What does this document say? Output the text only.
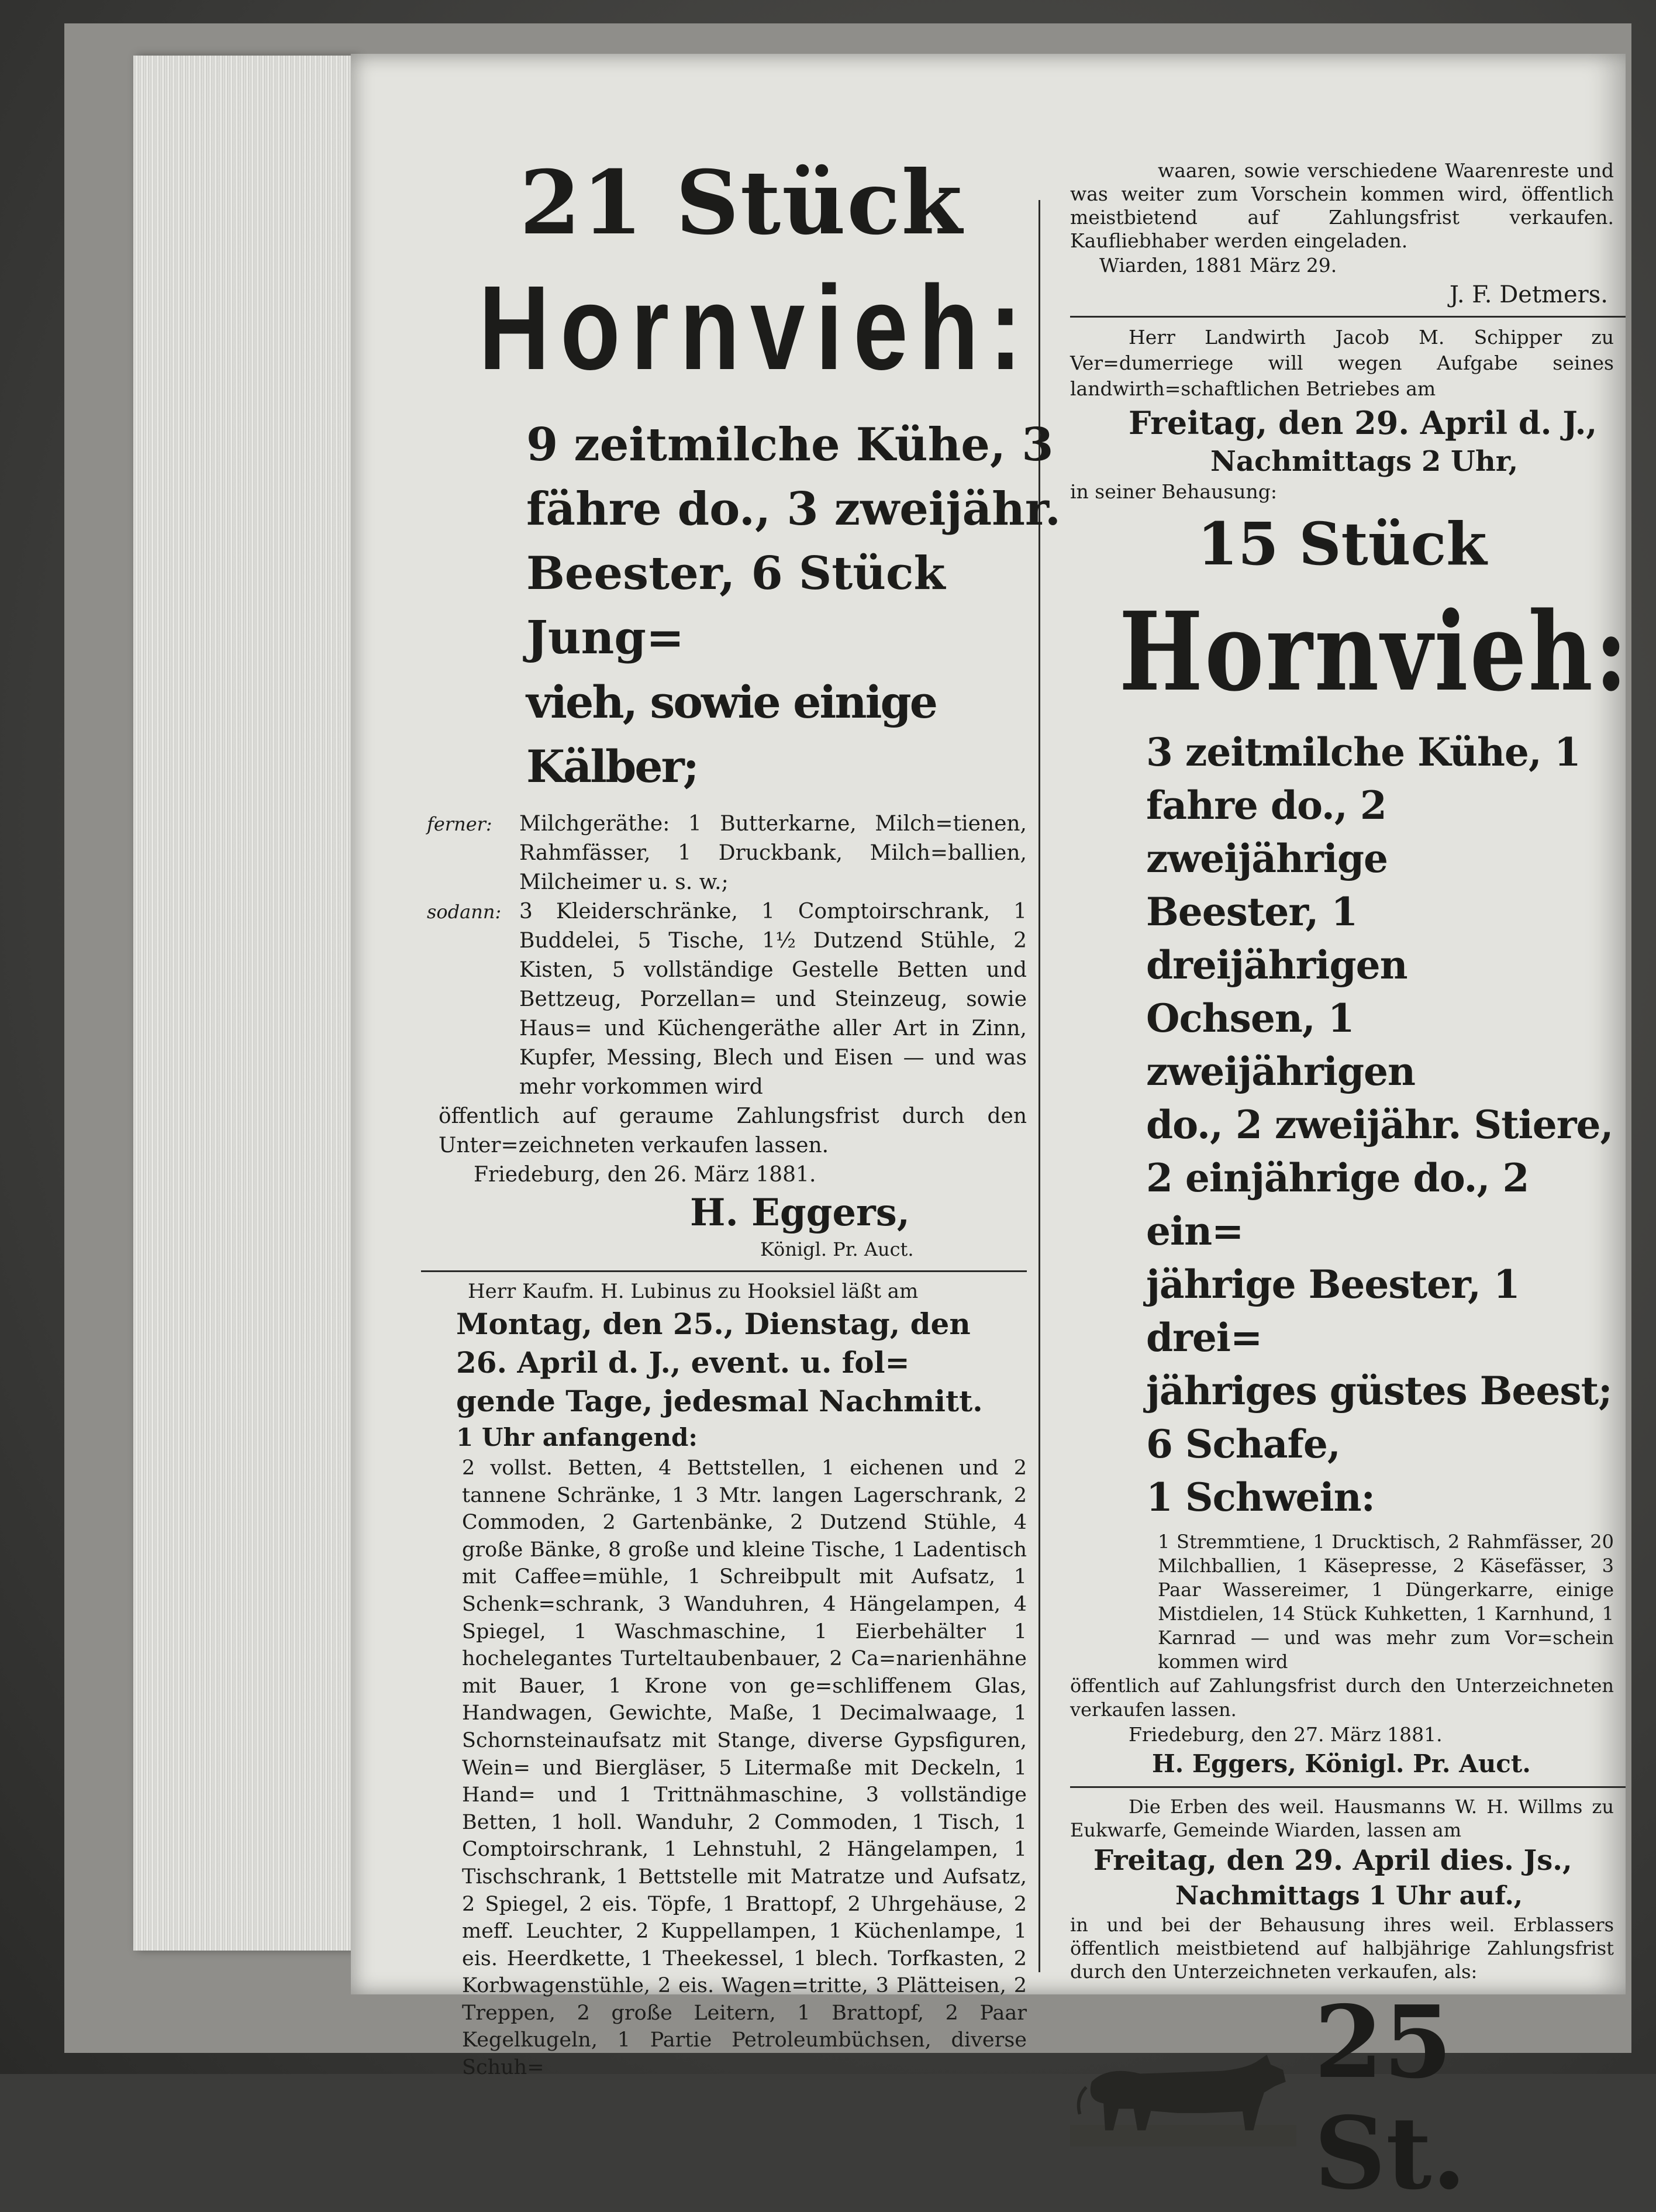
21 Stück
Hornvieh:
9 zeitmilche Kühe, 3
fähre do., 3 zweijähr.
Beester, 6 Stück Jung=
vieh, sowie einige Kälber;
ferner:	Milchgeräthe: 1 Butterkarne, Milch=tienen, Rahmfässer, 1 Druckbank, Milch=ballien, Milcheimer u. s. w.;
sodann: 3 Kleiderschränke, 1 Comptoirschrank, 1 Buddelei, 5 Tische, 1½ Dutzend Stühle, 2 Kisten, 5 vollständige Gestelle Betten und Bettzeug, Porzellan= und Steinzeug, sowie Haus= und Küchengeräthe aller Art in Zinn, Kupfer, Messing, Blech und Eisen — und was mehr vorkommen wird
öffentlich auf geraume Zahlungsfrist durch den Unter=zeichneten verkaufen lassen.
Friedeburg, den 26. März 1881.
H. Eggers,
Königl. Pr. Auct.
Herr Kaufm. H. Lubinus zu Hooksiel läßt am
Montag, den 25., Dienstag, den
26. April d. J., event. u. fol=
gende Tage, jedesmal Nachmitt.
1 Uhr anfangend:
2 vollst. Betten, 4 Bettstellen, 1 eichenen und 2 tannene Schränke, 1 3 Mtr. langen Lagerschrank, 2 Commoden, 2 Gartenbänke, 2 Dutzend Stühle, 4 große Bänke, 8 große und kleine Tische, 1 Ladentisch mit Caffee=mühle, 1 Schreibpult mit Aufsatz, 1 Schenk=schrank, 3 Wanduhren, 4 Hängelampen, 4 Spiegel, 1 Waschmaschine, 1 Eierbehälter 1 hochelegantes Turteltaubenbauer, 2 Ca=narienhähne mit Bauer, 1 Krone von ge=schliffenem Glas, Handwagen, Gewichte, Maße, 1 Decimalwaage, 1 Schornsteinaufsatz mit Stange, diverse Gypsfiguren, Wein= und Biergläser, 5 Litermaße mit Deckeln, 1 Hand= und 1 Trittnähmaschine, 3 vollständige Betten, 1 holl. Wanduhr, 2 Commoden, 1 Tisch, 1 Comptoirschrank, 1 Lehnstuhl, 2 Hängelampen, 1 Tischschrank, 1 Bettstelle mit Matratze und Aufsatz, 2 Spiegel, 2 eis. Töpfe, 1 Brattopf, 2 Uhrgehäuse, 2 meff. Leuchter, 2 Kuppellampen, 1 Küchenlampe, 1 eis. Heerdkette, 1 Theekessel, 1 blech. Torfkasten, 2 Korbwagenstühle, 2 eis. Wagen=tritte, 3 Plätteisen, 2 Treppen, 2 große Leitern, 1 Brattopf, 2 Paar Kegelkugeln, 1 Partie Petroleumbüchsen, diverse Schuh=
waaren, sowie verschiedene Waarenreste und was weiter zum Vorschein kommen wird, öffentlich meistbietend auf Zahlungsfrist verkaufen. Kaufliebhaber werden eingeladen.
Wiarden, 1881 März 29.
J. F. Detmers.
Herr Landwirth Jacob M. Schipper zu Ver=dumerriege will wegen Aufgabe seines landwirth=schaftlichen Betriebes am
Freitag, den 29. April d. J.,
Nachmittags 2 Uhr,
in seiner Behausung:
15 Stück
Hornvieh:
3 zeitmilche Kühe, 1
fahre do., 2 zweijährige
Beester, 1 dreijährigen
Ochsen, 1 zweijährigen
do., 2 zweijähr. Stiere,
2 einjährige do., 2 ein=
jährige Beester, 1 drei=
jähriges güstes Beest;
6 Schafe,
1 Schwein:
1 Stremmtiene, 1 Drucktisch, 2 Rahmfässer, 20 Milchballien, 1 Käsepresse, 2 Käsefässer, 3 Paar Wassereimer, 1 Düngerkarre, einige Mistdielen, 14 Stück Kuhketten, 1 Karnhund, 1 Karnrad — und was mehr zum Vor=schein kommen wird
öffentlich auf Zahlungsfrist durch den Unterzeichneten verkaufen lassen.
Friedeburg, den 27. März 1881.
H. Eggers, Königl. Pr. Auct.
Die Erben des weil. Hausmanns W. H. Willms zu Eukwarfe, Gemeinde Wiarden, lassen am
Freitag, den 29. April dies. Js.,
Nachmittags 1 Uhr auf.,
in und bei der Behausung ihres weil. Erblassers öffentlich meistbietend auf halbjährige Zahlungsfrist durch den Unterzeichneten verkaufen, als:
25 St.
